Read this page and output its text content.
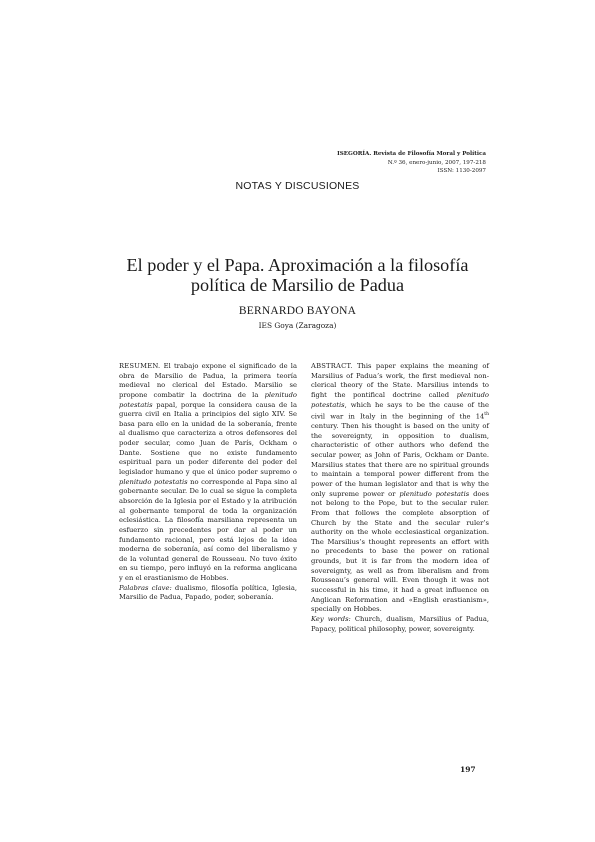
ISEGORÍA. Revista de Filosofía Moral y Política
N.º 36, enero-junio, 2007, 197-218
ISSN: 1130-2097
NOTAS Y DISCUSIONES
El poder y el Papa. Aproximación a la filosofía
política de Marsilio de Padua
BERNARDO BAYONA
IES Goya (Zaragoza)

RESUMEN. El trabajo expone el significado de la obra de Marsilio de Padua, la primera teoría medieval no clerical del Estado. Marsilio se propone combatir la doctrina de la plenitudo potestatis papal, porque la considera causa de la guerra civil en Italia a principios del siglo XIV. Se basa para ello en la unidad de la soberanía, frente al dualismo que caracteriza a otros defensores del poder secular, como Juan de París, Ockham o Dante. Sostiene que no existe fundamento espiritual para un poder diferente del poder del legislador humano y que el único poder supremo o plenitudo potestatis no corresponde al Papa sino al gobernante secular. De lo cual se sigue la completa absorción de la Iglesia por el Estado y la atribución al gobernante temporal de toda la organización eclesiástica. La filosofía marsiliana representa un esfuerzo sin precedentes por dar al poder un fundamento racional, pero está lejos de la idea moderna de soberanía, así como del liberalismo y de la voluntad general de Rousseau. No tuvo éxito en su tiempo, pero influyó en la reforma anglicana y en el erastianismo de Hobbes.

Palabras clave: dualismo, filosofía política, Iglesia, Marsilio de Padua, Papado, poder, soberanía.

ABSTRACT. This paper explains the meaning of Marsilius of Padua’s work, the first medieval non-clerical theory of the State. Marsilius intends to fight the pontifical doctrine called plenitudo potestatis, which he says to be the cause of the civil war in Italy in the beginning of the 14th century. Then his thought is based on the unity of the sovereignty, in opposition to dualism, characteristic of other authors who defend the secular power, as John of Paris, Ockham or Dante. Marsilius states that there are no spiritual grounds to maintain a temporal power different from the power of the human legislator and that is why the only supreme power or plenitudo potestatis does not belong to the Pope, but to the secular ruler. From that follows the complete absorption of Church by the State and the secular ruler’s authority on the whole ecclesiastical organization. The Marsilius’s thought represents an effort with no precedents to base the power on rational grounds, but it is far from the modern idea of sovereignty, as well as from liberalism and from Rousseau’s general will. Even though it was not successful in his time, it had a great influence on Anglican Reformation and «English erastianism», specially on Hobbes.

Key words: Church, dualism, Marsilius of Padua, Papacy, political philosophy, power, sovereignty.

197
